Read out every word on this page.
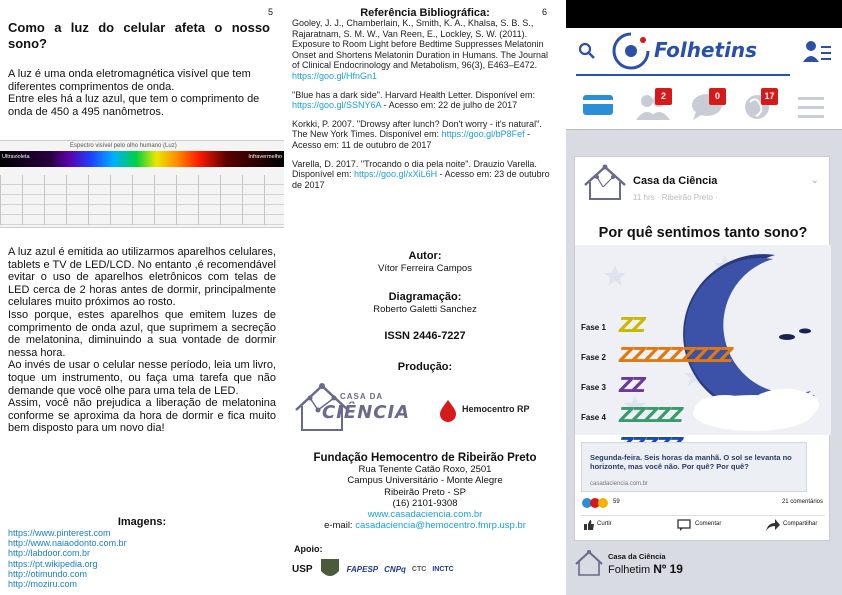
5
Como a luz do celular afeta o nosso sono?
A luz é uma onda eletromagnética visível que tem diferentes comprimentos de onda.
Entre eles há a luz azul, que tem o comprimento de onda de 450 a 495 nanômetros.
Espectro visível pelo olho humano (Luz)
Ultravioleta	Infravermelho
A luz azul é emitida ao utilizarmos aparelhos celulares, tablets e TV de LED/LCD. No entanto ,é recomendável evitar o uso de aparelhos eletrônicos com telas de LED cerca de 2 horas antes de dormir, principalmente celulares muito próximos ao rosto.
Isso porque, estes aparelhos que emitem luzes de comprimento de onda azul, que suprimem a secreção de melatonina, diminuindo a sua vontade de dormir nessa hora.
Ao invés de usar o celular nesse período, leia um livro, toque um instrumento, ou faça uma tarefa que não demande que você olhe para uma tela de LED.
Assim, você não prejudica a liberação de melatonina conforme se aproxima da hora de dormir e fica muito bem disposto para um novo dia!
Imagens:
https://www.pinterest.com
http://www.naiaodonto.com.br
http://labdoor.com.br
https://pt.wikipedia.org
http://otimundo.com
http://moziru.com
6
Referência Bibliográfica:

Gooley, J. J., Chamberlain, K., Smith, K. A., Khalsa, S. B. S., Rajaratnam, S. M. W., Van Reen, E., Lockley, S. W. (2011). Exposure to Room Light before Bedtime Suppresses Melatonin Onset and Shortens Melatonin Duration in Humans. The Journal of Clinical Endocrinology and Metabolism, 96(3), E463–E472. https://goo.gl/HfnGn1

"Blue has a dark side". Harvard Health Letter. Disponível em: https://goo.gl/SSNY6A - Acesso em: 22 de julho de 2017

Korkki, P. 2007. "Drowsy after lunch? Don't worry - it's natural". The New York Times. Disponível em: https://goo.gl/bP8Fef - Acesso em: 11 de outubro de 2017

Varella, D. 2017. "Trocando o dia pela noite". Drauzio Varella. Disponível em: https://goo.gl/xXiL6H - Acesso em: 23 de outubro de 2017

Autor:
Vítor Ferreira Campos
Diagramação:
Roberto Galetti Sanchez
ISSN 2446-7227
Produção:
CASA DA
CIÊNCIA	Hemocentro RP
Fundação Hemocentro de Ribeirão Preto
Rua Tenente Catão Roxo, 2501
Campus Universitário - Monte Alegre
Ribeirão Preto - SP
(16) 2101-9308
www.casadaciencia.com.br
e-mail: casadaciencia@hemocentro.fmrp.usp.br
Apoio:
USP	FAPESP CNPq CTC INCTC
Folhetins
2	0	17
Casa da Ciência
11 hrs · Ribeirão Preto ·
⌄
Por quê sentimos tanto sono?
Fase 1 ZZ
Fase 2 ZZZZZZZZZ
Fase 3 ZZ
Fase 4 ZZZZZ
Segunda-feira. Seis horas da manhã. O sol se levanta no horizonte, mas você não. Por quê? Por quê?
casadaciencia.com.br
59	21 comentários
Curtir	Comentar	Compartilhar
Casa da Ciência
Folhetim Nº 19
